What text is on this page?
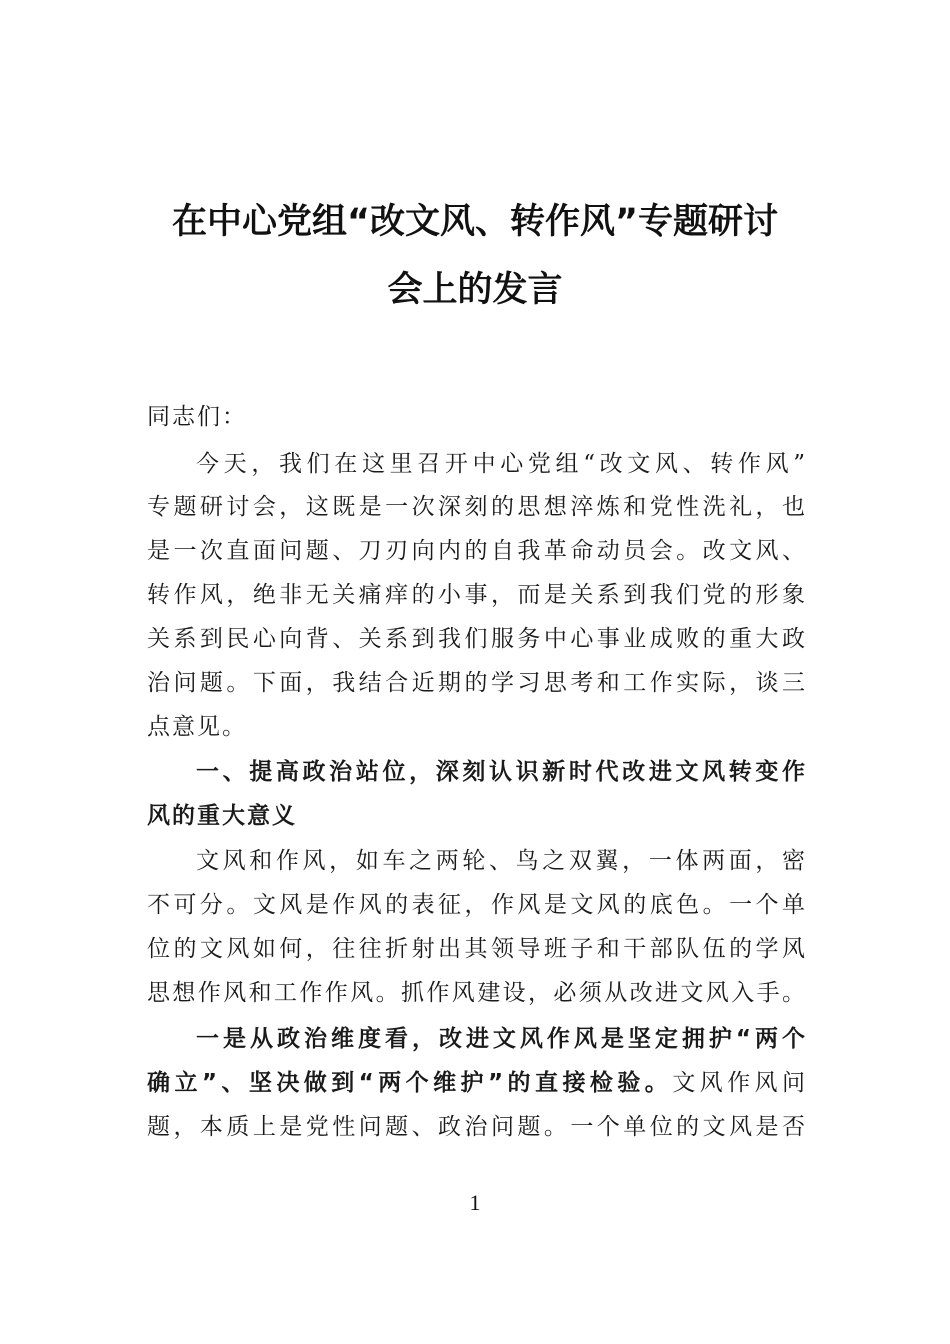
在中心党组“改文风、转作风”专题研讨
会上的发言
同志们：
今天，我们在这里召开中心党组“改文风、转作风”
专题研讨会，这既是一次深刻的思想淬炼和党性洗礼，也
是一次直面问题、刀刃向内的自我革命动员会。改文风、
转作风，绝非无关痛痒的小事，而是关系到我们党的形象
关系到民心向背、关系到我们服务中心事业成败的重大政
治问题。下面，我结合近期的学习思考和工作实际，谈三
点意见。
一、提高政治站位，深刻认识新时代改进文风转变作
风的重大意义
文风和作风，如车之两轮、鸟之双翼，一体两面，密
不可分。文风是作风的表征，作风是文风的底色。一个单
位的文风如何，往往折射出其领导班子和干部队伍的学风
思想作风和工作作风。抓作风建设，必须从改进文风入手。
一是从政治维度看，改进文风作风是坚定拥护“两个
确立”、坚决做到“两个维护”的直接检验。文风作风问
题，本质上是党性问题、政治问题。一个单位的文风是否
1
